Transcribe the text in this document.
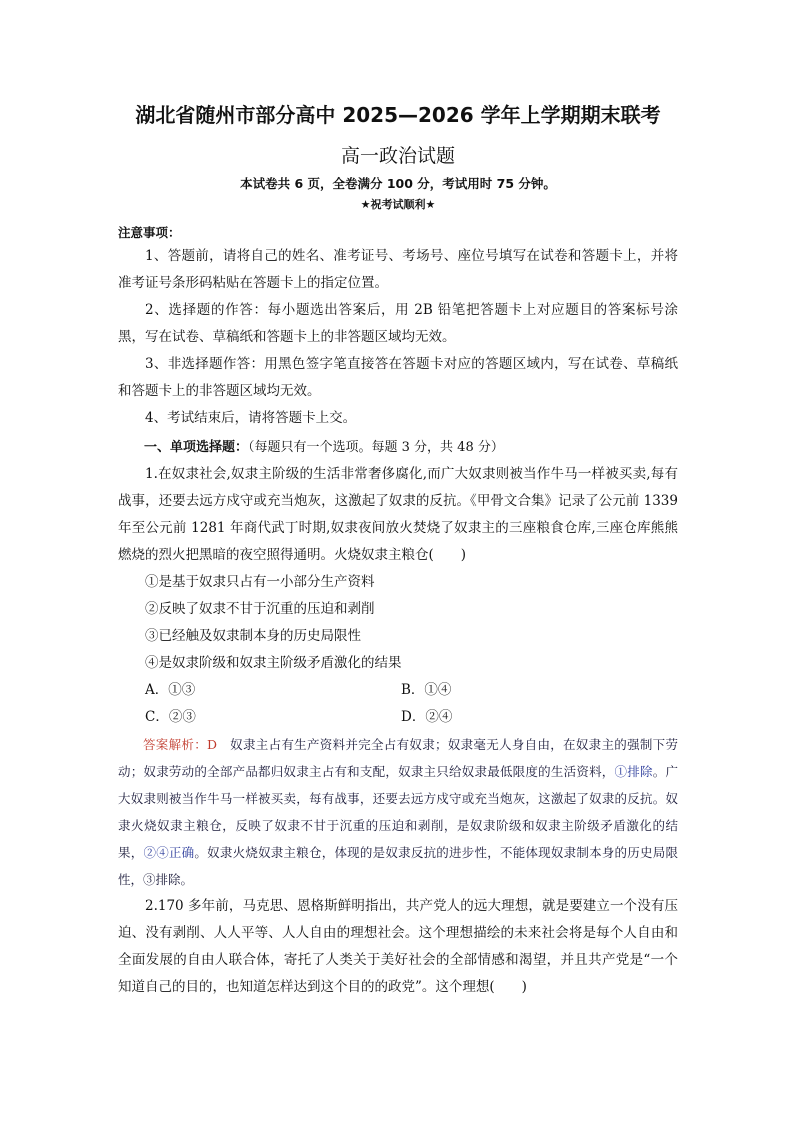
湖北省随州市部分高中 2025—2026 学年上学期期末联考
高一政治试题
本试卷共 6 页，全卷满分 100 分，考试用时 75 分钟。
★祝考试顺利★
注意事项：

1、答题前，请将自己的姓名、准考证号、考场号、座位号填写在试卷和答题卡上，并将准考证号条形码粘贴在答题卡上的指定位置。

2、选择题的作答：每小题选出答案后，用 2B 铅笔把答题卡上对应题目的答案标号涂黑，写在试卷、草稿纸和答题卡上的非答题区域均无效。

3、非选择题作答：用黑色签字笔直接答在答题卡对应的答题区域内，写在试卷、草稿纸和答题卡上的非答题区域均无效。

4、考试结束后，请将答题卡上交。

一、单项选择题：（每题只有一个选项。每题 3 分，共 48 分）

1.在奴隶社会,奴隶主阶级的生活非常奢侈腐化,而广大奴隶则被当作牛马一样被买卖,每有战事，还要去远方戍守或充当炮灰，这激起了奴隶的反抗。《甲骨文合集》记录了公元前 1339 年至公元前 1281 年商代武丁时期,奴隶夜间放火焚烧了奴隶主的三座粮食仓库,三座仓库熊熊燃烧的烈火把黑暗的夜空照得通明。火烧奴隶主粮仓(　　)

①是基于奴隶只占有一小部分生产资料
②反映了奴隶不甘于沉重的压迫和剥削
③已经触及奴隶制本身的历史局限性
④是奴隶阶级和奴隶主阶级矛盾激化的结果
A．①③	B．①④
C．②③	D．②④

答案解析：D　奴隶主占有生产资料并完全占有奴隶；奴隶毫无人身自由，在奴隶主的强制下劳动；奴隶劳动的全部产品都归奴隶主占有和支配，奴隶主只给奴隶最低限度的生活资料，①排除。广大奴隶则被当作牛马一样被买卖，每有战事，还要去远方戍守或充当炮灰，这激起了奴隶的反抗。奴隶火烧奴隶主粮仓，反映了奴隶不甘于沉重的压迫和剥削，是奴隶阶级和奴隶主阶级矛盾激化的结果，②④正确。奴隶火烧奴隶主粮仓，体现的是奴隶反抗的进步性，不能体现奴隶制本身的历史局限性，③排除。

2.170 多年前，马克思、恩格斯鲜明指出，共产党人的远大理想，就是要建立一个没有压迫、没有剥削、人人平等、人人自由的理想社会。这个理想描绘的未来社会将是每个人自由和全面发展的自由人联合体，寄托了人类关于美好社会的全部情感和渴望，并且共产党是“一个知道自己的目的，也知道怎样达到这个目的的政党”。这个理想(　　)
